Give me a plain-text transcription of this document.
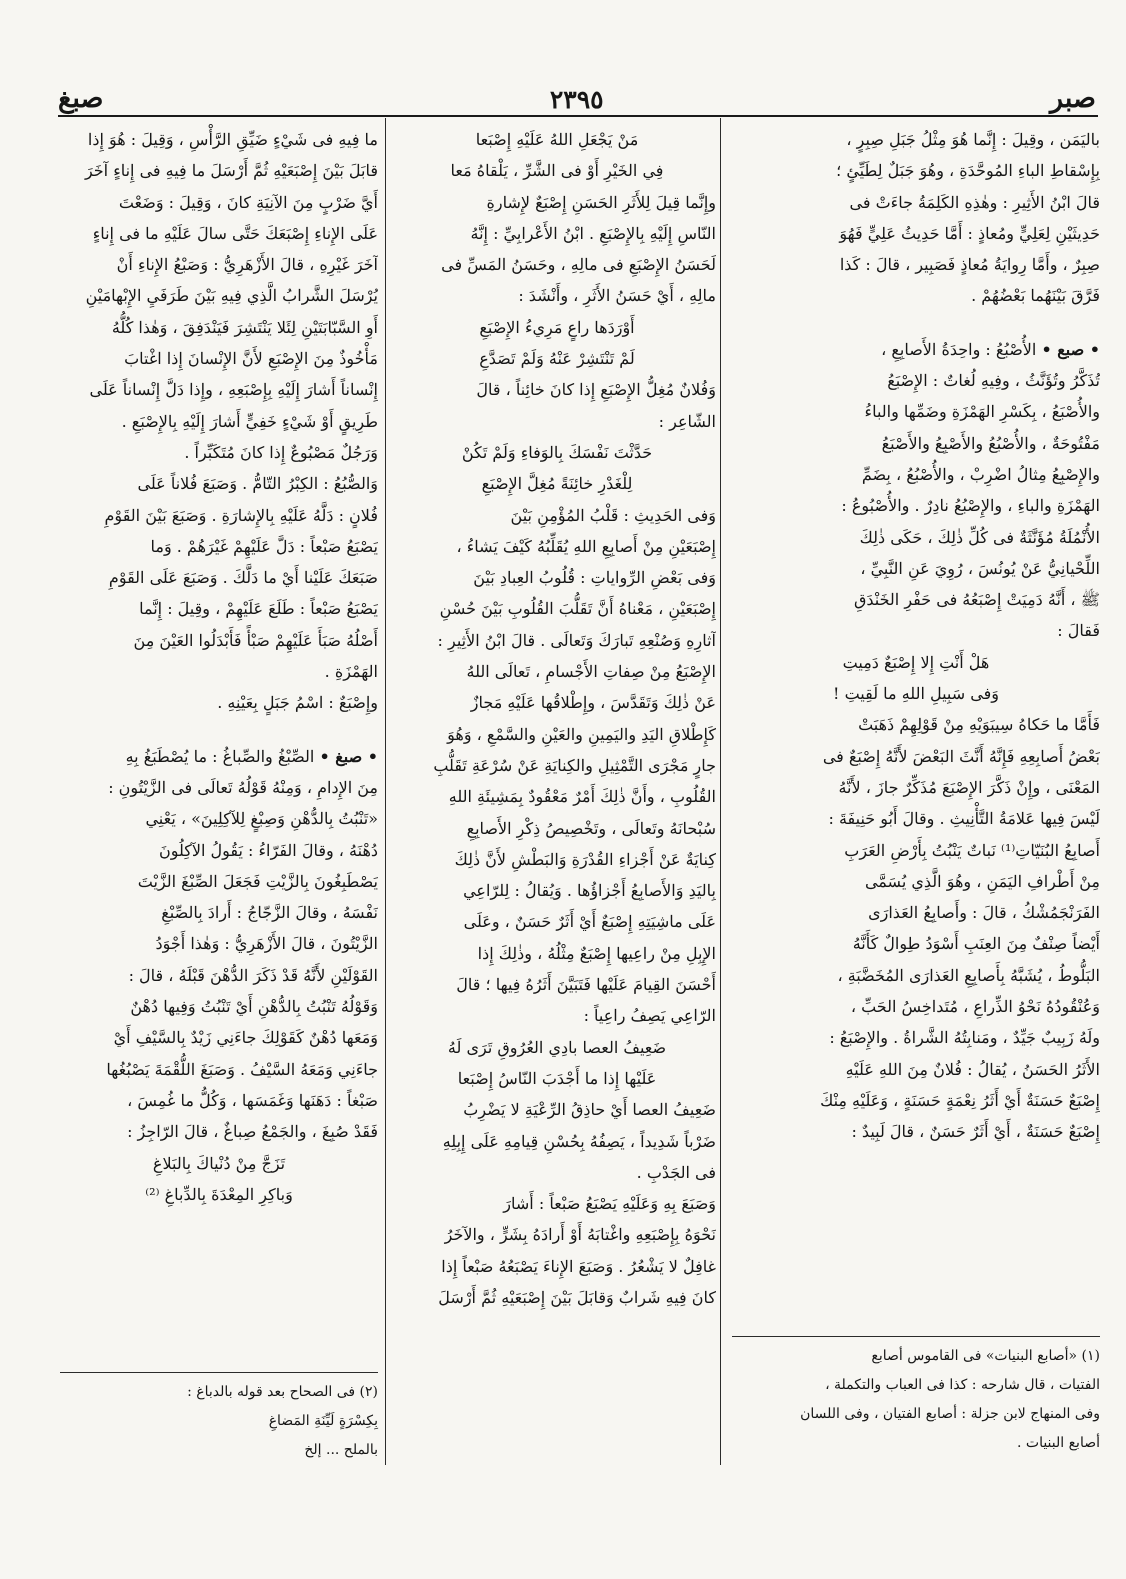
صبر
٢٣٩٥
صبغ

باليَمَن ، وقِيلَ : إِنَّما هُوَ مِثْلُ جَبَلِ صِبِرٍ ،

بِإِسْقاطِ الباءِ المُوحَّدَةِ ، وهُوَ جَبَلٌ لِطَيِّئٍ ؛

قالَ ابْنُ الأَثِيرِ : وهٰذِهِ الكَلِمَةُ جاءَتْ فى

حَدِيثَيْنِ لِعَلِيٍّ ومُعاذٍ : أَمَّا حَدِيثُ عَلِيٍّ فَهُوَ

صِبِرٌ ، وأَمَّا رِوايَةُ مُعاذٍ فَصَبِير ، قالَ : كَذا

فَرَّقَ بَيْنَهُما بَعْضُهُمْ .

• صبع • الأُصْبُعُ : واحِدَةُ الأَصابِعِ ،

تُذَكَّرُ وتُؤَنَّثُ ، وفِيهِ لُغاتٌ : الإِصْبَعُ

والأُصْبَعُ ، بِكَسْرِ الهَمْزَةِ وضَمِّها والباءُ

مَفْتُوحَةٌ ، والأُصْبُعُ والأَصْبِعُ والأَصْبَعُ

والإِصْبِعُ مِثالُ اضْرِبْ ، والأُصْبُعُ ، بِضَمِّ

الهَمْزَةِ والباءِ ، والإِصْبُعُ نادِرٌ . والأُصْبُوعُ :

الأُنْمُلَةُ مُؤَنَّثَةٌ فى كُلِّ ذٰلِكَ ، حَكَى ذٰلِكَ

اللِّحْيانِيُّ عَنْ يُونُسَ ، رُوِيَ عَنِ النَّبِيِّ ،

ﷺ ، أَنَّهُ دَمِيَتْ إِصْبَعُهُ فى حَفْرِ الخَنْدَقِ

فَقالَ :

هَلْ أَنْتِ إِلا إِصْبَعٌ دَمِيتِ

وَفى سَبِيلِ اللهِ ما لَقِيتِ !

فَأَمَّا ما حَكاهُ سِيبَوَيْهِ مِنْ قَوْلِهِمْ ذَهَبَتْ

بَعْضُ أَصابِعِهِ فَإِنَّهُ أَنَّثَ البَعْضَ لأَنَّهُ إِصْبَعٌ فى

المَعْنَى ، وإِنْ ذَكَّرَ الإِصْبَعَ مُذَكِّرٌ جازَ ، لأَنَّهُ

لَيْسَ فِيها عَلامَةُ التَّأْنِيثِ . وقالَ أَبُو حَنِيفَةَ :

أَصابِعُ البُنَيّاتِ⁽¹⁾ نَباتٌ يَنْبُتُ بِأَرْضِ العَرَبِ

مِنْ أَطْرافِ اليَمَنِ ، وهُوَ الَّذِي يُسَمَّى

الفَرَنْجَمُشْكُ ، قالَ : وأَصابِعُ العَذارَى

أَيْضاً صِنْفٌ مِنَ العِنَبِ أَسْوَدُ طِوالٌ كَأَنَّهُ

البَلُّوطُ ، يُشَبَّهُ بِأَصابِعِ العَذارَى المُخَضَّبَةِ ،

وَعُنْقُودُهُ نَحْوُ الذِّراعِ ، مُتَداخِسُ الحَبِّ ،

ولَهُ زَبِيبٌ جَيِّدٌ ، ومَنابِتُهُ الشَّراةُ . والإِصْبَعُ :

الأَثَرُ الحَسَنُ ، يُقالُ : فُلانٌ مِنَ اللهِ عَلَيْهِ

إِصْبَعٌ حَسَنَةٌ أَيْ أَثَرُ نِعْمَةٍ حَسَنَةٍ ، وَعَلَيْهِ مِنْكَ

إِصْبَعٌ حَسَنَةٌ ، أَيْ أَثَرٌ حَسَنٌ ، قالَ لَبِيدٌ :

(١) «أصابع البنيات» فى القاموس أصابع

الفتيات ، قال شارحه : كذا فى العباب والتكملة ،

وفى المنهاج لابن جزلة : أصابع الفتيان ، وفى اللسان

أصابع البنيات .

مَنْ يَجْعَلِ اللهُ عَلَيْهِ إِصْبَعا

فِي الخَيْرِ أَوْ فى الشَّرِّ ، يَلْقاهُ مَعا

وإِنَّما قِيلَ لِلأَثَرِ الحَسَنِ إِصْبَعٌ لإِشارةِ

النّاسِ إِلَيْهِ بِالإِصْبَعِ . ابْنُ الأَعْرابِيِّ : إِنَّهُ

لَحَسَنُ الإِصْبَعِ فى مالِهِ ، وحَسَنُ المَسِّ فى

مالِهِ ، أَيْ حَسَنُ الأَثَرِ ، وأَنْشَدَ :

أَوْرَدَها راعٍ مَرِيءُ الإِصْبَعِ

لَمْ تَنْتَشِرْ عَنْهُ وَلَمْ تَصَدَّعِ

وَفُلانٌ مُغِلُّ الإِصْبَعِ إِذا كانَ خائِناً ، قالَ

الشّاعِر :

حَدَّثْتَ نَفْسَكَ بِالوَفاءِ وَلَمْ تَكُنْ

لِلْغَدْرِ خائِنَةً مُغِلَّ الإِصْبَعِ

وَفى الحَدِيثِ : قَلْبُ المُؤْمِنِ بَيْنَ

إِصْبَعَيْنِ مِنْ أَصابِعِ اللهِ يُقَلِّبُهُ كَيْفَ يَشاءُ ،

وَفى بَعْضِ الرِّواياتِ : قُلُوبُ العِبادِ بَيْنَ

إِصْبَعَيْنِ ، مَعْناهُ أَنَّ تَقَلُّبَ القُلُوبِ بَيْنَ حُسْنِ

آثارِهِ وَصُنْعِهِ تَبارَكَ وَتَعالَى . قالَ ابْنُ الأَثِيرِ :

الإِصْبَعُ مِنْ صِفاتِ الأَجْسامِ ، تَعالَى اللهُ

عَنْ ذٰلِكَ وَتَقَدَّسَ ، وإِطْلاقُها عَلَيْهِ مَجازٌ

كَإِطْلاقِ اليَدِ واليَمِينِ والعَيْنِ والسَّمْعِ ، وَهُوَ

جارٍ مَجْرَى التَّمْثِيلِ والكِنايَةِ عَنْ سُرْعَةِ تَقَلُّبِ

القُلُوبِ ، وأَنَّ ذٰلِكَ أَمْرٌ مَعْقُودٌ بِمَشِيئَةِ اللهِ

سُبْحانَهُ وتَعالَى ، وتَخْصِيصُ ذِكْرِ الأَصابِعِ

كِنايَةٌ عَنْ أَجْزاءِ القُدْرَةِ وَالبَطْشِ لأَنَّ ذٰلِكَ

بِاليَدِ وَالأَصابِعُ أَجْزاؤُها . وَيُقالُ : لِلرّاعِي

عَلَى ماشِيَتِهِ إِصْبَعٌ أَيْ أَثَرٌ حَسَنٌ ، وعَلَى

الإِبِلِ مِنْ راعِيها إِصْبَعٌ مِثْلُهُ ، وذٰلِكَ إِذا

أَحْسَنَ القِيامَ عَلَيْها فَتَبَيَّنَ أَثَرُهُ فِيها ؛ قالَ

الرّاعِي يَصِفُ راعِياً :

ضَعِيفُ العصا بادِي العُرُوقِ تَرَى لَهُ

عَلَيْها إِذا ما أَجْدَبَ النّاسُ إِصْبَعا

ضَعِيفُ العصا أَيْ حاذِقُ الرِّعْيَةِ لا يَضْرِبُ

ضَرْباً شَدِيداً ، يَصِفُهُ بِحُسْنِ قِيامِهِ عَلَى إِبِلِهِ

فى الجَدْبِ .

وَصَبَعَ بِهِ وَعَلَيْهِ يَصْبَعُ صَبْعاً : أَشارَ

نَحْوَهُ بِإِصْبَعِهِ واغْتابَهُ أَوْ أَرادَهُ بِشَرٍّ ، والآخَرُ

غافِلٌ لا يَشْعُرُ . وَصَبَعَ الإِناءَ يَصْبَعُهُ صَبْعاً إِذا

كانَ فِيهِ شَرابٌ وَقابَلَ بَيْنَ إِصْبَعَيْهِ ثُمَّ أَرْسَلَ

ما فِيهِ فى شَيْءٍ ضَيِّقِ الرَّأْسِ ، وَقِيلَ : هُوَ إِذا

قابَلَ بَيْنَ إِصْبَعَيْهِ ثُمَّ أَرْسَلَ ما فِيهِ فى إِناءٍ آخَرَ

أَيَّ ضَرْبٍ مِنَ الآنِيَةِ كانَ ، وَقِيلَ : وَضَعْتَ

عَلَى الإِناءِ إِصْبَعَكَ حَتَّى سالَ عَلَيْهِ ما فى إِناءٍ

آخَرَ غَيْرِهِ ، قالَ الأَزْهَرِيُّ : وَصَبْعُ الإِناءِ أَنْ

يُرْسَلَ الشَّرابُ الَّذِي فِيهِ بَيْنَ طَرَفَيِ الإِبْهامَيْنِ

أَوِ السَّبّابَتَيْنِ لِئَلا يَنْتَشِرَ فَيَنْدَفِقَ ، وَهٰذا كُلُّهُ

مَأْخُوذٌ مِنَ الإِصْبَعِ لأَنَّ الإِنْسانَ إِذا اغْتابَ

إِنْساناً أَشارَ إِلَيْهِ بِإِصْبَعِهِ ، وإِذا دَلَّ إِنْساناً عَلَى

طَرِيقٍ أَوْ شَيْءٍ خَفِيٍّ أَشارَ إِلَيْهِ بِالإِصْبَعِ .

وَرَجُلٌ مَصْبُوعٌ إِذا كانَ مُتَكَبِّراً .

وَالصُّبُعُ : الكِبْرُ التّامُّ . وَصَبَعَ فُلاناً عَلَى

فُلانٍ : دَلَّهُ عَلَيْهِ بِالإِشارَةِ . وَصَبَعَ بَيْنَ القَوْمِ

يَصْبَعُ صَبْعاً : دَلَّ عَلَيْهِمْ غَيْرَهُمْ . وَما

صَبَعَكَ عَلَيْنا أَيْ ما دَلَّكَ . وَصَبَعَ عَلَى القَوْمِ

يَصْبَعُ صَبْعاً : طَلَعَ عَلَيْهِمْ ، وقِيلَ : إِنَّما

أَصْلُهُ صَبَأَ عَلَيْهِمْ صَبْأً فَأَبْدَلُوا العَيْنَ مِنَ

الهَمْزَةِ .

وإِصْبَعٌ : اسْمُ جَبَلٍ بِعَيْنِهِ .

• صبغ • الصِّبْغُ والصِّباغُ : ما يُصْطَبَغُ بِهِ

مِنَ الإِدامِ ، وَمِنْهُ قَوْلُهُ تَعالَى فى الزَّيْتُونِ :

«تَنْبُتُ بِالدُّهْنِ وَصِبْغٍ لِلآكِلِينَ» ، يَعْنِي

دُهْنَهُ ، وقالَ الفَرّاءُ : يَقُولُ الآكِلُونَ

يَصْطَبِغُونَ بِالزَّيْتِ فَجَعَلَ الصِّبْغَ الزَّيْتَ

نَفْسَهُ ، وقالَ الزَّجّاجُ : أَرادَ بِالصِّبْغِ

الزَّيْتُونَ ، قالَ الأَزْهَرِيُّ : وَهٰذا أَجْوَدُ

القَوْلَيْنِ لأَنَّهُ قَدْ ذَكَرَ الدُّهْنَ قَبْلَهُ ، قالَ :

وَقَوْلُهُ تَنْبُتُ بِالدُّهْنِ أَيْ تَنْبُتُ وَفِيها دُهْنٌ

وَمَعَها دُهْنٌ كَقَوْلِكَ جاءَنِي زَيْدٌ بِالسَّيْفِ أَيْ

جاءَنِي وَمَعَهُ السَّيْفُ . وَصَبَغَ اللُّقْمَةَ يَصْبُغُها

صَبْغاً : دَهَنَها وَغَمَسَها ، وَكُلُّ ما غُمِسَ ،

فَقَدْ صُبِغَ ، والجَمْعُ صِباغٌ ، قالَ الرّاجِزُ :

تَزَجَّ مِنْ دُنْياكَ بِالبَلاغِ

وَباكِرِ المِعْدَةَ بِالدِّباغِ ⁽²⁾

(٢) فى الصحاح بعد قوله بالدباغ :

بِكِسْرَةٍ لَيِّنَةِ المَضاغِ

بالملح ... إلخ
